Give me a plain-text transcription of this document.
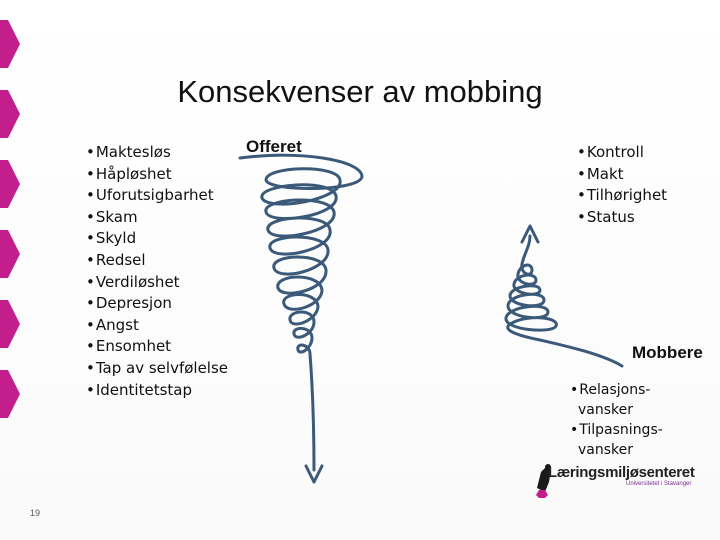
Konsekvenser av mobbing
•Maktesløs
•Håpløshet
•Uforutsigbarhet
•Skam
•Skyld
•Redsel
•Verdiløshet
•Depresjon
•Angst
•Ensomhet
•Tap av selvfølelse
•Identitetstap
Offeret	•Kontroll
•Makt
•Tilhørighet
•Status
Mobbere
•Relasjons-
vansker
•Tilpasnings-
vansker
Læringsmiljøsenteret
Universitetet i Stavanger
19
